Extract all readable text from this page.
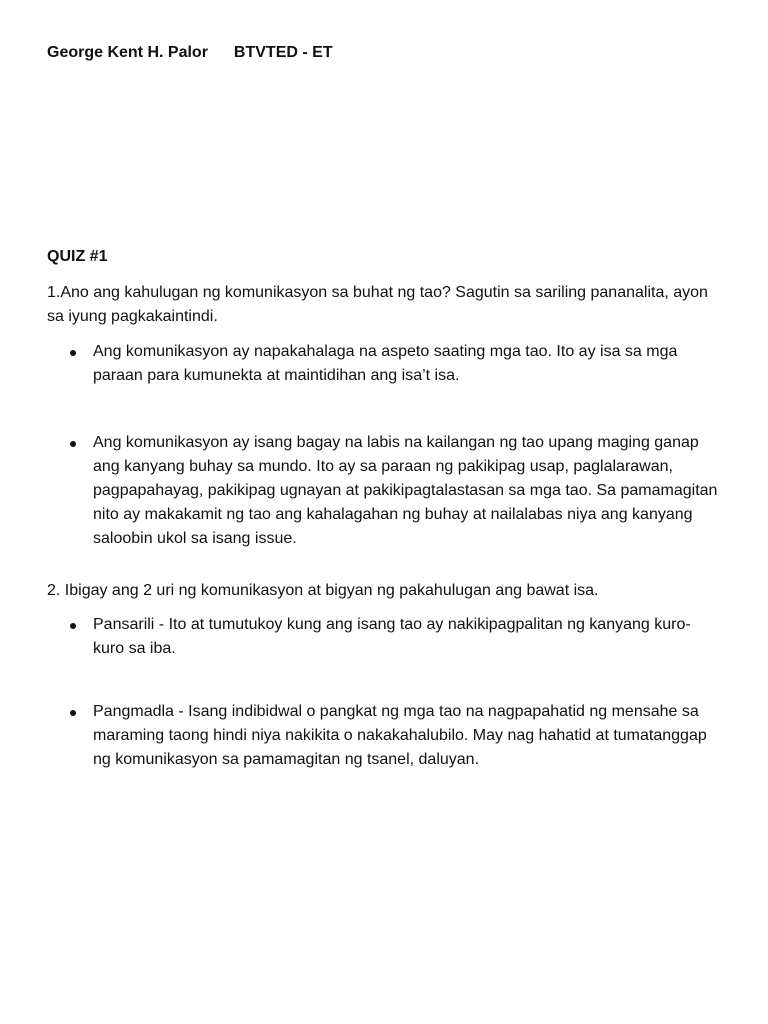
George Kent H. Palor BTVTED - ET
QUIZ #1
1.Ano ang kahulugan ng komunikasyon sa buhat ng tao? Sagutin sa sariling pananalita, ayon sa iyung pagkakaintindi.
Ang komunikasyon ay napakahalaga na aspeto saating mga tao. Ito ay isa sa mga paraan para kumunekta at maintidihan ang isa’t isa.
Ang komunikasyon ay isang bagay na labis na kailangan ng tao upang maging ganap ang kanyang buhay sa mundo. Ito ay sa paraan ng pakikipag usap, paglalarawan, pagpapahayag, pakikipag ugnayan at pakikipagtalastasan sa mga tao. Sa pamamagitan nito ay makakamit ng tao ang kahalagahan ng buhay at nailalabas niya ang kanyang saloobin ukol sa isang issue.
2. Ibigay ang 2 uri ng komunikasyon at bigyan ng pakahulugan ang bawat isa.
Pansarili - Ito at tumutukoy kung ang isang tao ay nakikipagpalitan ng kanyang kuro-kuro sa iba.
Pangmadla - Isang indibidwal o pangkat ng mga tao na nagpapahatid ng mensahe sa maraming taong hindi niya nakikita o nakakahalubilo. May nag hahatid at tumatanggap ng komunikasyon sa pamamagitan ng tsanel, daluyan.
